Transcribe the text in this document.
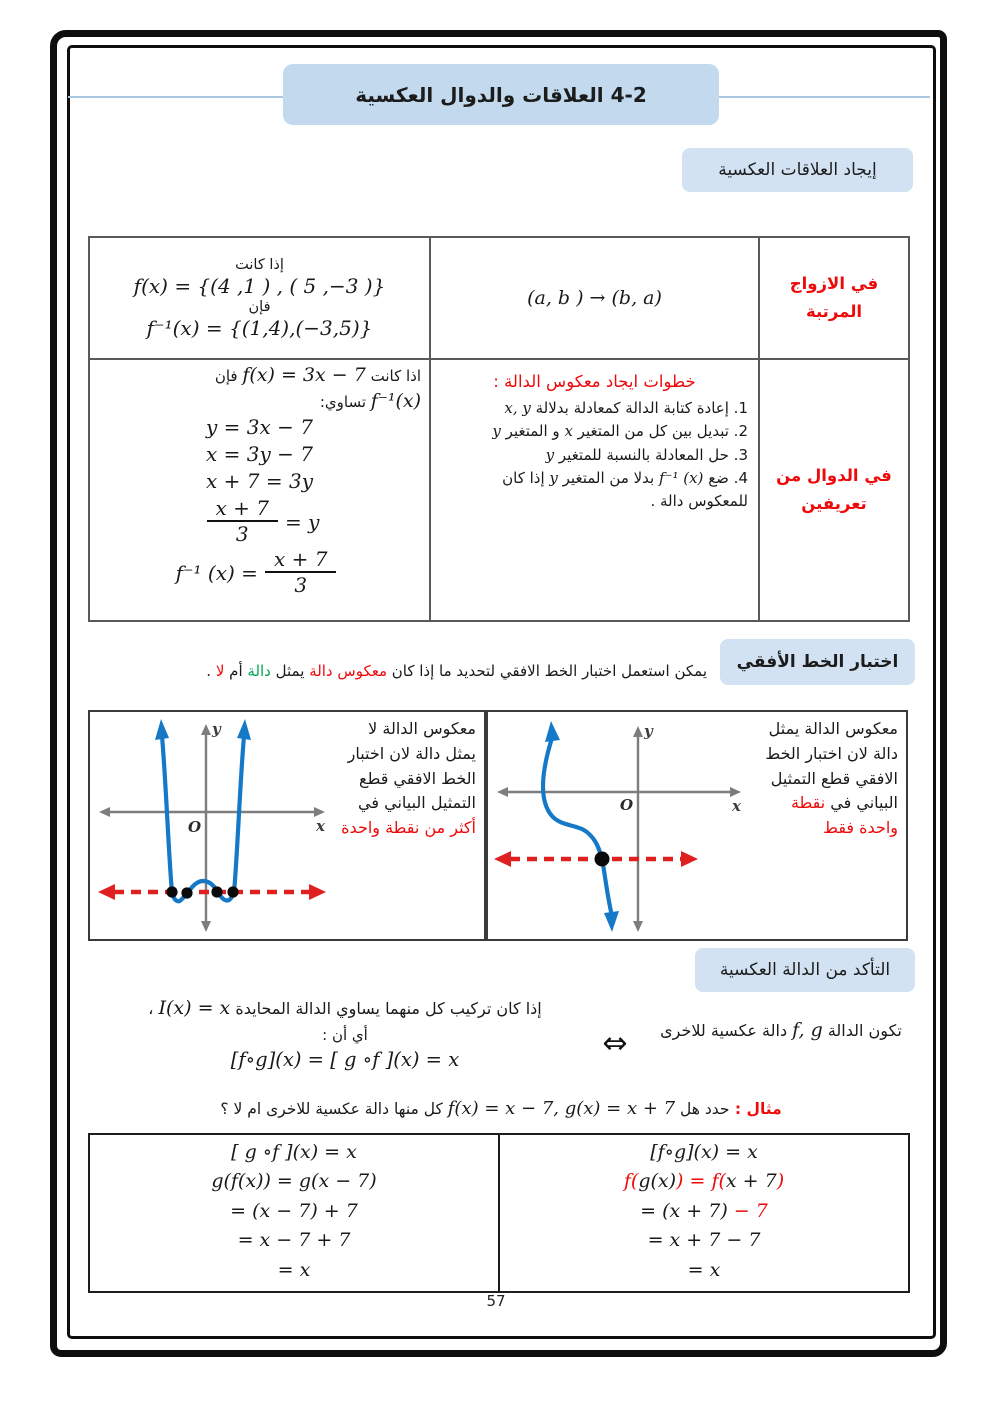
4-2 العلاقات والدوال العكسية
إيجاد العلاقات العكسية
في الازواج المرتبة
(a, b ) → (b, a)
إذا كانت
f(x) = {(4 ,1 ) , ( 5 ,−3 )}
فإن
f⁻¹(x) = {(1,4),(−3,5)}
في الدوال من تعريفين
خطوات ايجاد معكوس الدالة :
1. إعادة كتابة الدالة كمعادلة بدلالة x, y
2. تبديل بين كل من المتغير x و المتغير y
3. حل المعادلة بالنسبة للمتغير y
4. ضع f⁻¹ (x) بدلا من المتغير y إذا كان للمعكوس دالة .
اذا كانت f(x) = 3x − 7 فإن
f⁻¹(x) تساوي:
y = 3x − 7
x = 3y − 7
x + 7 = 3y
$\frac{x + 7}{3} = y$
f⁻¹ $(x) = \frac{x + 7}{3}$
اختبار الخط الأفقي
يمكن استعمل اختبار الخط الافقي لتحديد ما إذا كان معكوس دالة يمثل دالة أم لا .
y
x
O
معكوس الدالة لا يمثل دالة لان اختبار الخط الافقي قطع التمثيل البياني في أكثر من نقطة واحدة
y
x
O
معكوس الدالة يمثل دالة لان اختبار الخط الافقي قطع التمثيل البياني في نقطة واحدة فقط
التأكد من الدالة العكسية
إذا كان تركيب كل منهما يساوي الدالة المحايدة I(x) = x ،
أي أن :
[f∘g](x) = [ g ∘f ](x) = x	⇔	تكون الدالة f, g دالة عكسية للاخرى
مثال : حدد هل f(x) = x − 7, g(x) = x + 7 كل منها دالة عكسية للاخرى ام لا ؟
[f∘g](x) = x
f(g(x)) = f(x + 7)
= (x + 7) − 7
= x + 7 − 7
= x
[ g ∘f ](x) = x
g(f(x)) = g(x − 7)
= (x − 7) + 7
= x − 7 + 7
= x
57
